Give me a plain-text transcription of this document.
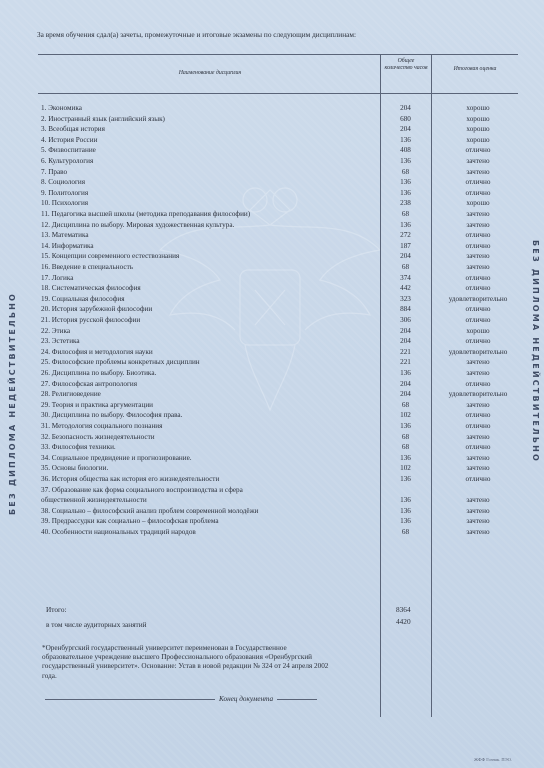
БЕЗ ДИПЛОМА НЕДЕЙСТВИТЕЛЬНО	БЕЗ ДИПЛОМА НЕДЕЙСТВИТЕЛЬНО
За время обучения сдал(а) зачеты, промежуточные и итоговые экзамены по следующим дисциплинам:
Наименование дисциплин
Общее количество часов	Итоговая оценка
1. Экономика	204	хорошо
2. Иностранный язык (английский язык)	680	хорошо
3. Всеобщая история	204	хорошо
4. История России	136	хорошо
5. Физвоспитание	408	отлично
6. Культурология	136	зачтено
7. Право	68	зачтено
8. Социология	136	отлично
9. Политология	136	отлично
10. Психология	238	хорошо
11. Педагогика высшей школы (методика преподавания философии)	68	зачтено
12. Дисциплина по выбору. Мировая художественная культура.	136	зачтено
13. Математика	272	отлично
14. Информатика	187	отлично
15. Концепции современного естествознания	204	зачтено
16. Введение в специальность	68	зачтено
17. Логика	374	отлично
18. Систематическая философия	442	отлично
19. Социальная философия	323	удовлетворительно
20. История зарубежной философии	884	отлично
21. История русской философии	306	отлично
22. Этика	204	хорошо
23. Эстетика	204	отлично
24. Философия и методология науки	221	удовлетворительно
25. Философские проблемы конкретных дисциплин	221	зачтено
26. Дисциплина по выбору. Биоэтика.	136	зачтено
27. Философская антропология	204	отлично
28. Религиоведение	204	удовлетворительно
29. Теория и практика аргументации	68	зачтено
30. Дисциплина по выбору. Философия права.	102	отлично
31. Методология социального познания	136	отлично
32. Безопасность жизнедеятельности	68	зачтено
33. Философия техники.	68	отлично
34. Социальное предвидение и прогнозирование.	136	зачтено
35. Основы биологии.	102	зачтено
36. История общества как история его жизнедеятельности	136	отлично
37. Образование как форма социального воспроизводства и сфера
общественной жизнедеятельности	136	зачтено
38. Социально – философский анализ проблем современной молодёжи	136	зачтено
39. Предрассудки как социально – философская проблема	136	зачтено
40. Особенности национальных традиций народов	68	зачтено
Итого:	8364
в том числе аудиторных занятий	4420
*Оренбургский государственный университет переименован в Государственное образовательное учреждение высшего Профессионального образования «Оренбургский государственный университет». Основание: Устав в новой редакции № 324 от 24 апреля 2002 года.
Конец документа
ЖФФ Гознак. ПЭО.
